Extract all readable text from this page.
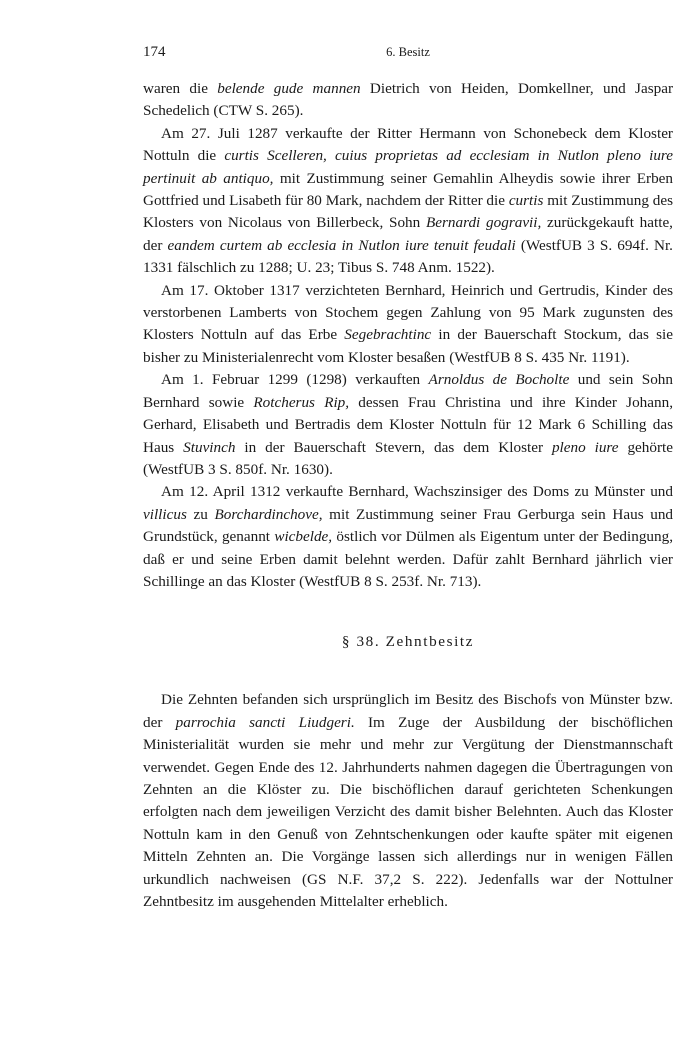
174	6. Besitz

waren die belende gude mannen Dietrich von Heiden, Domkellner, und Jaspar Schedelich (CTW S. 265).

Am 27. Juli 1287 verkaufte der Ritter Hermann von Schonebeck dem Kloster Nottuln die curtis Scelleren, cuius proprietas ad ecclesiam in Nutlon pleno iure pertinuit ab antiquo, mit Zustimmung seiner Gemahlin Alheydis sowie ihrer Erben Gottfried und Lisabeth für 80 Mark, nachdem der Ritter die curtis mit Zustimmung des Klosters von Nicolaus von Billerbeck, Sohn Bernardi gogravii, zurückgekauft hatte, der eandem curtem ab ecclesia in Nutlon iure tenuit feudali (WestfUB 3 S. 694f. Nr. 1331 fälschlich zu 1288; U. 23; Tibus S. 748 Anm. 1522).

Am 17. Oktober 1317 verzichteten Bernhard, Heinrich und Gertrudis, Kinder des verstorbenen Lamberts von Stochem gegen Zahlung von 95 Mark zugunsten des Klosters Nottuln auf das Erbe Segebrachtinc in der Bauerschaft Stockum, das sie bisher zu Ministerialenrecht vom Kloster besaßen (WestfUB 8 S. 435 Nr. 1191).

Am 1. Februar 1299 (1298) verkauften Arnoldus de Bocholte und sein Sohn Bernhard sowie Rotcherus Rip, dessen Frau Christina und ihre Kinder Johann, Gerhard, Elisabeth und Bertradis dem Kloster Nottuln für 12 Mark 6 Schilling das Haus Stuvinch in der Bauerschaft Stevern, das dem Kloster pleno iure gehörte (WestfUB 3 S. 850f. Nr. 1630).

Am 12. April 1312 verkaufte Bernhard, Wachszinsiger des Doms zu Münster und villicus zu Borchardinchove, mit Zustimmung seiner Frau Gerburga sein Haus und Grundstück, genannt wicbelde, östlich vor Dülmen als Eigentum unter der Bedingung, daß er und seine Erben damit belehnt werden. Dafür zahlt Bernhard jährlich vier Schillinge an das Kloster (WestfUB 8 S. 253f. Nr. 713).

§ 38. Zehntbesitz

Die Zehnten befanden sich ursprünglich im Besitz des Bischofs von Münster bzw. der parrochia sancti Liudgeri. Im Zuge der Ausbildung der bischöflichen Ministerialität wurden sie mehr und mehr zur Vergütung der Dienstmannschaft verwendet. Gegen Ende des 12. Jahrhunderts nahmen dagegen die Übertragungen von Zehnten an die Klöster zu. Die bischöflichen darauf gerichteten Schenkungen erfolgten nach dem jeweiligen Verzicht des damit bisher Belehnten. Auch das Kloster Nottuln kam in den Genuß von Zehntschenkungen oder kaufte später mit eigenen Mitteln Zehnten an. Die Vorgänge lassen sich allerdings nur in wenigen Fällen urkundlich nachweisen (GS N.F. 37,2 S. 222). Jedenfalls war der Nottulner Zehntbesitz im ausgehenden Mittelalter erheblich.
